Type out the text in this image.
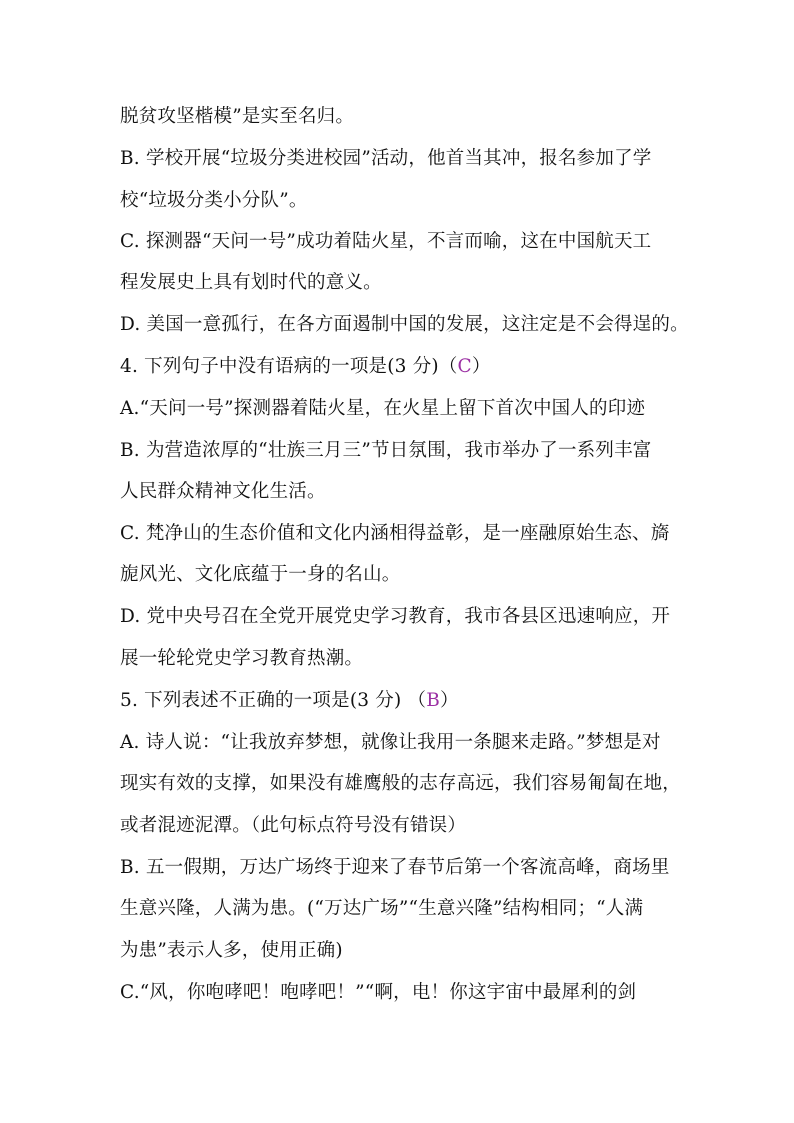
脱贫攻坚楷模”是实至名归。
B. 学校开展“垃圾分类进校园”活动，他首当其冲，报名参加了学
校“垃圾分类小分队”。
C. 探测器“天问一号”成功着陆火星，不言而喻，这在中国航天工
程发展史上具有划时代的意义。
D. 美国一意孤行，在各方面遏制中国的发展，这注定是不会得逞的。
4. 下列句子中没有语病的一项是(3 分)（C）
A.“天问一号”探测器着陆火星，在火星上留下首次中国人的印迹
B. 为营造浓厚的“壮族三月三”节日氛围，我市举办了一系列丰富
人民群众精神文化生活。
C. 梵净山的生态价值和文化内涵相得益彰，是一座融原始生态、旖
旎风光、文化底蕴于一身的名山。
D. 党中央号召在全党开展党史学习教育，我市各县区迅速响应，开
展一轮轮党史学习教育热潮。
5. 下列表述不正确的一项是(3 分) （B）
A. 诗人说：“让我放弃梦想，就像让我用一条腿来走路。”梦想是对
现实有效的支撑，如果没有雄鹰般的志存高远，我们容易匍匐在地，
或者混迹泥潭。（此句标点符号没有错误）
B. 五一假期，万达广场终于迎来了春节后第一个客流高峰，商场里
生意兴隆，人满为患。(“万达广场”“生意兴隆”结构相同；“人满
为患”表示人多，使用正确)
C.“风，你咆哮吧！咆哮吧！”“啊，电！你这宇宙中最犀利的剑
